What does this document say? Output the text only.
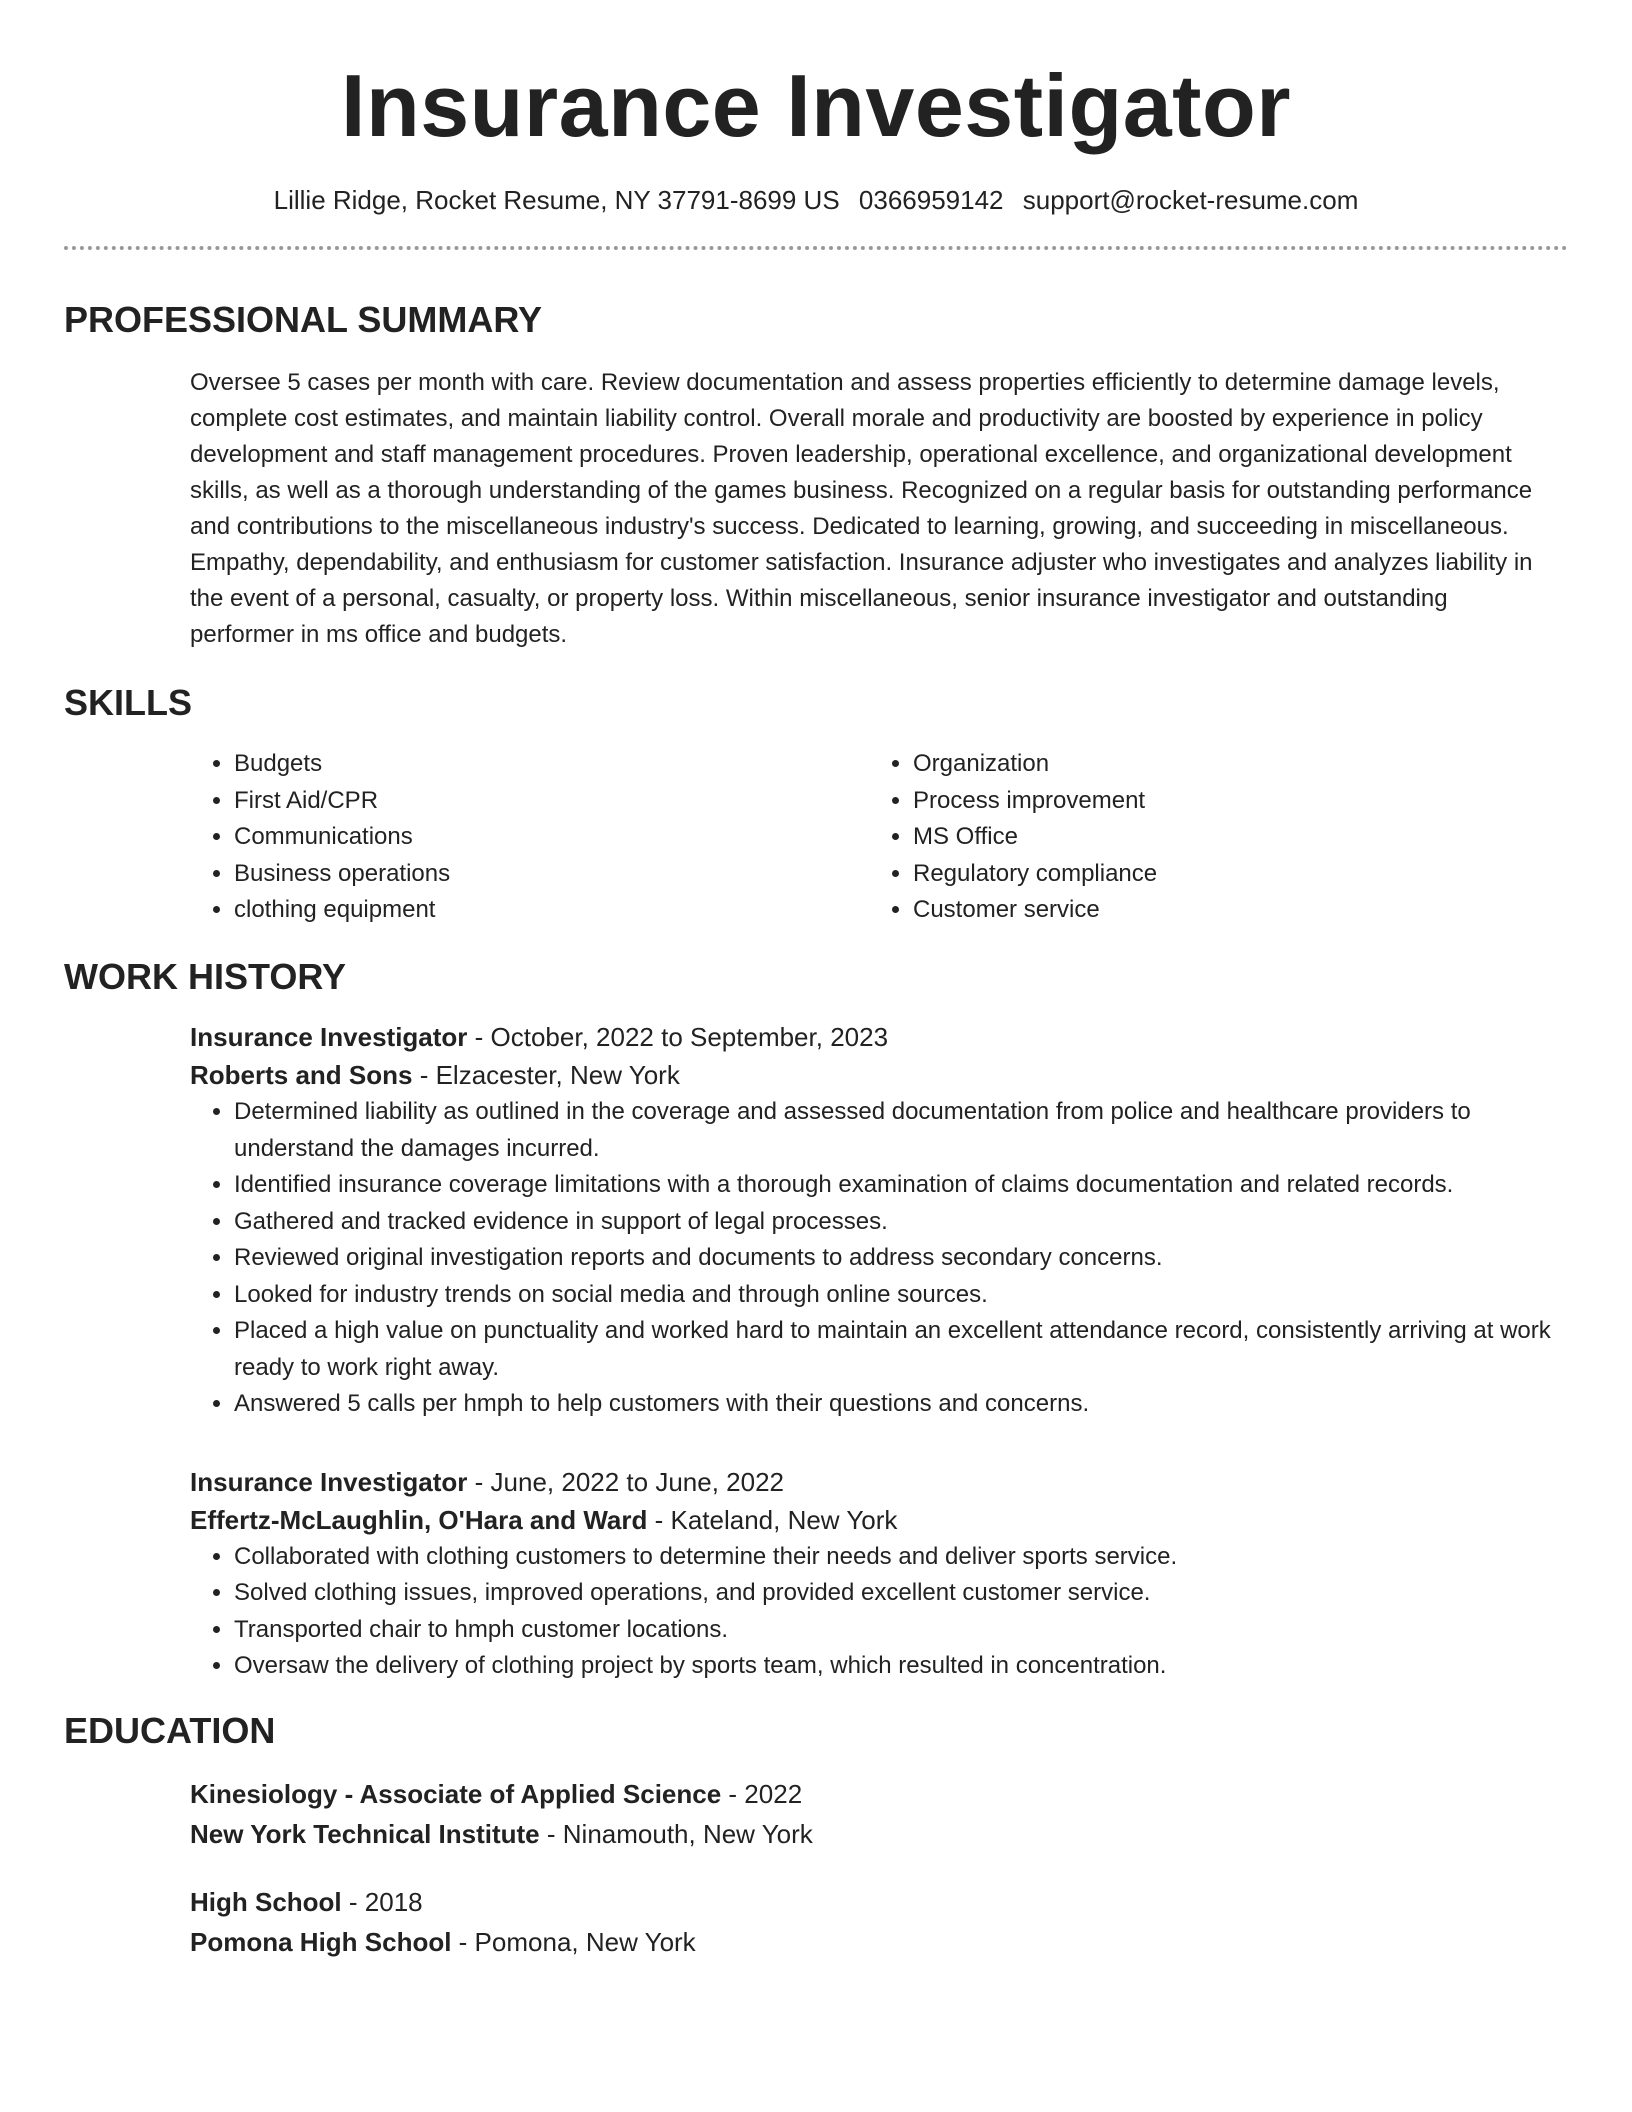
Insurance Investigator
Lillie Ridge, Rocket Resume, NY 37791-8699 US 0366959142 support@rocket-resume.com
PROFESSIONAL SUMMARY
Oversee 5 cases per month with care. Review documentation and assess properties efficiently to determine damage levels, complete cost estimates, and maintain liability control. Overall morale and productivity are boosted by experience in policy development and staff management procedures. Proven leadership, operational excellence, and organizational development skills, as well as a thorough understanding of the games business. Recognized on a regular basis for outstanding performance and contributions to the miscellaneous industry's success. Dedicated to learning, growing, and succeeding in miscellaneous. Empathy, dependability, and enthusiasm for customer satisfaction. Insurance adjuster who investigates and analyzes liability in the event of a personal, casualty, or property loss. Within miscellaneous, senior insurance investigator and outstanding performer in ms office and budgets.
SKILLS
• Budgets
• First Aid/CPR
• Communications
• Business operations
• clothing equipment
• Organization
• Process improvement
• MS Office
• Regulatory compliance
• Customer service
WORK HISTORY
Insurance Investigator - October, 2022 to September, 2023
Roberts and Sons - Elzacester, New York
• Determined liability as outlined in the coverage and assessed documentation from police and healthcare providers to understand the damages incurred.
• Identified insurance coverage limitations with a thorough examination of claims documentation and related records.
• Gathered and tracked evidence in support of legal processes.
• Reviewed original investigation reports and documents to address secondary concerns.
• Looked for industry trends on social media and through online sources.
• Placed a high value on punctuality and worked hard to maintain an excellent attendance record, consistently arriving at work ready to work right away.
• Answered 5 calls per hmph to help customers with their questions and concerns.
Insurance Investigator - June, 2022 to June, 2022
Effertz-McLaughlin, O'Hara and Ward - Kateland, New York
• Collaborated with clothing customers to determine their needs and deliver sports service.
• Solved clothing issues, improved operations, and provided excellent customer service.
• Transported chair to hmph customer locations.
• Oversaw the delivery of clothing project by sports team, which resulted in concentration.
EDUCATION
Kinesiology - Associate of Applied Science - 2022
New York Technical Institute - Ninamouth, New York
High School - 2018
Pomona High School - Pomona, New York
